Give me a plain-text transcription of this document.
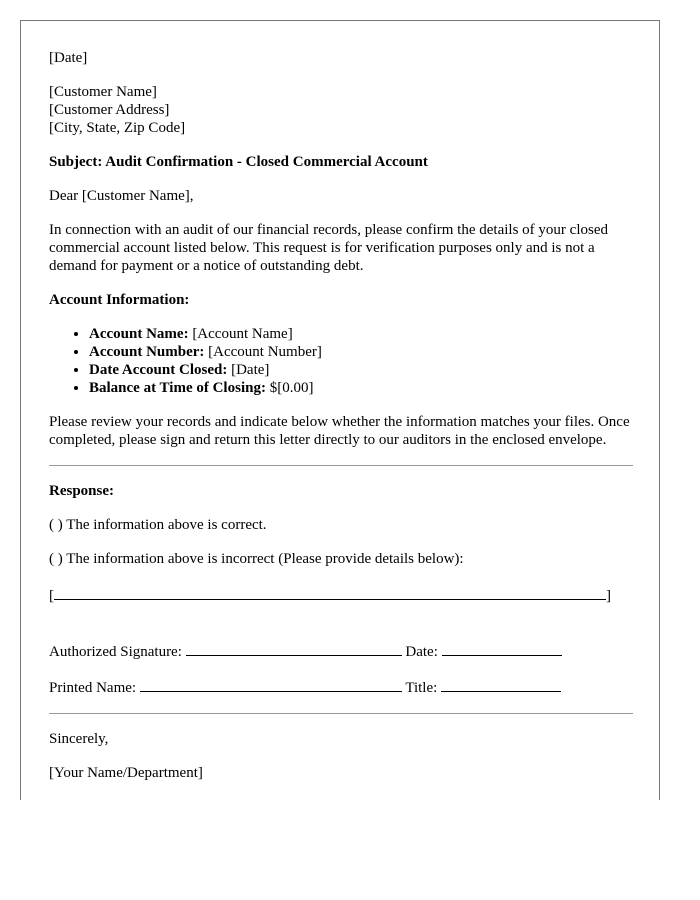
[Date]

[Customer Name]

[Customer Address]

[City, State, Zip Code]

Subject: Audit Confirmation - Closed Commercial Account

Dear [Customer Name],

In connection with an audit of our financial records, please confirm the details of your closed commercial account listed below. This request is for verification purposes only and is not a demand for payment or a notice of outstanding debt.

Account Information:

• Account Name: [Account Name]
• Account Number: [Account Number]
• Date Account Closed: [Date]
• Balance at Time of Closing: $[0.00]

Please review your records and indicate below whether the information matches your files. Once completed, please sign and return this letter directly to our auditors in the enclosed envelope.

Response:

( ) The information above is correct.

( ) The information above is incorrect (Please provide details below):

[	]

Authorized Signature:	Date:

Printed Name:	Title:

Sincerely,

[Your Name/Department]
